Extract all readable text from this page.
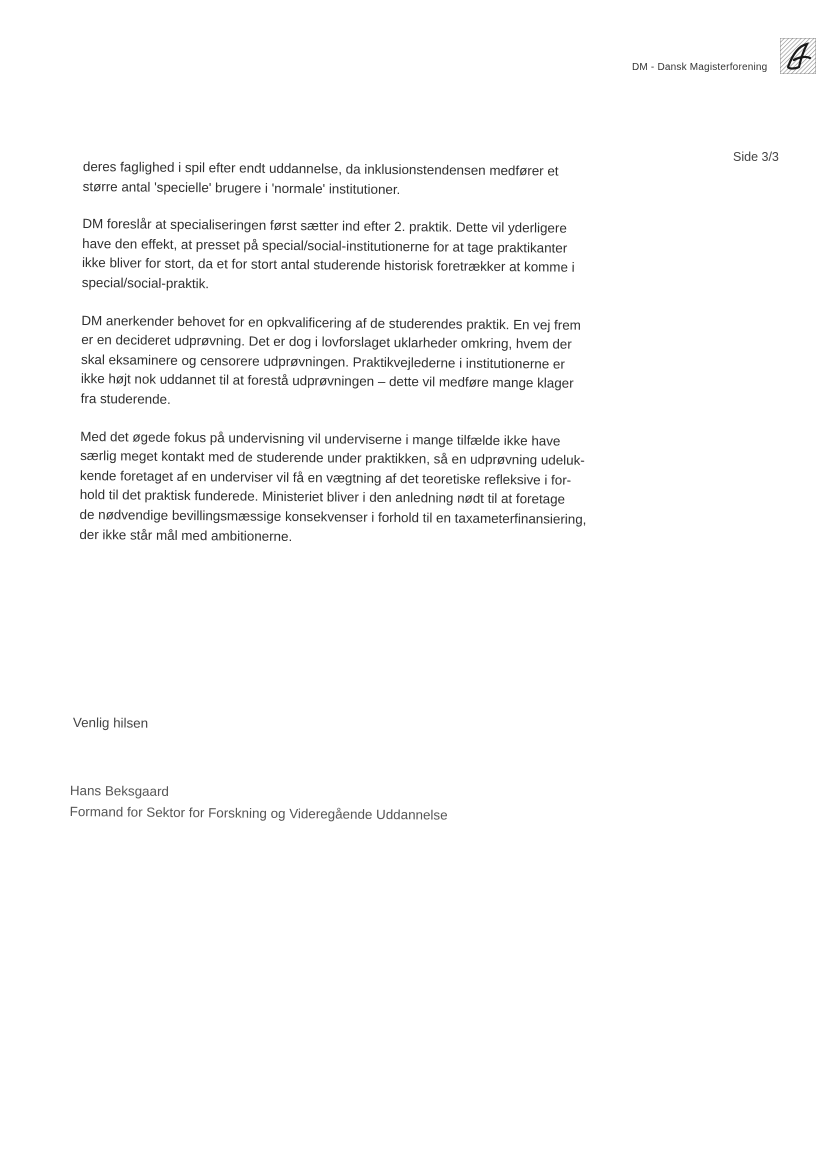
DM - Dansk Magisterforening
Side 3/3

deres faglighed i spil efter endt uddannelse, da inklusionstendensen medfører et
større antal 'specielle' brugere i 'normale' institutioner.

DM foreslår at specialiseringen først sætter ind efter 2. praktik. Dette vil yderligere
have den effekt, at presset på special/social-institutionerne for at tage praktikanter
ikke bliver for stort, da et for stort antal studerende historisk foretrækker at komme i
special/social-praktik.

DM anerkender behovet for en opkvalificering af de studerendes praktik. En vej frem
er en decideret udprøvning. Det er dog i lovforslaget uklarheder omkring, hvem der
skal eksaminere og censorere udprøvningen. Praktikvejlederne i institutionerne er
ikke højt nok uddannet til at forestå udprøvningen – dette vil medføre mange klager
fra studerende.

Med det øgede fokus på undervisning vil underviserne i mange tilfælde ikke have
særlig meget kontakt med de studerende under praktikken, så en udprøvning udeluk-
kende foretaget af en underviser vil få en vægtning af det teoretiske refleksive i for-
hold til det praktisk funderede. Ministeriet bliver i den anledning nødt til at foretage
de nødvendige bevillingsmæssige konsekvenser i forhold til en taxameterfinansiering,
der ikke står mål med ambitionerne.

Venlig hilsen
Hans Beksgaard
Formand for Sektor for Forskning og Videregående Uddannelse
